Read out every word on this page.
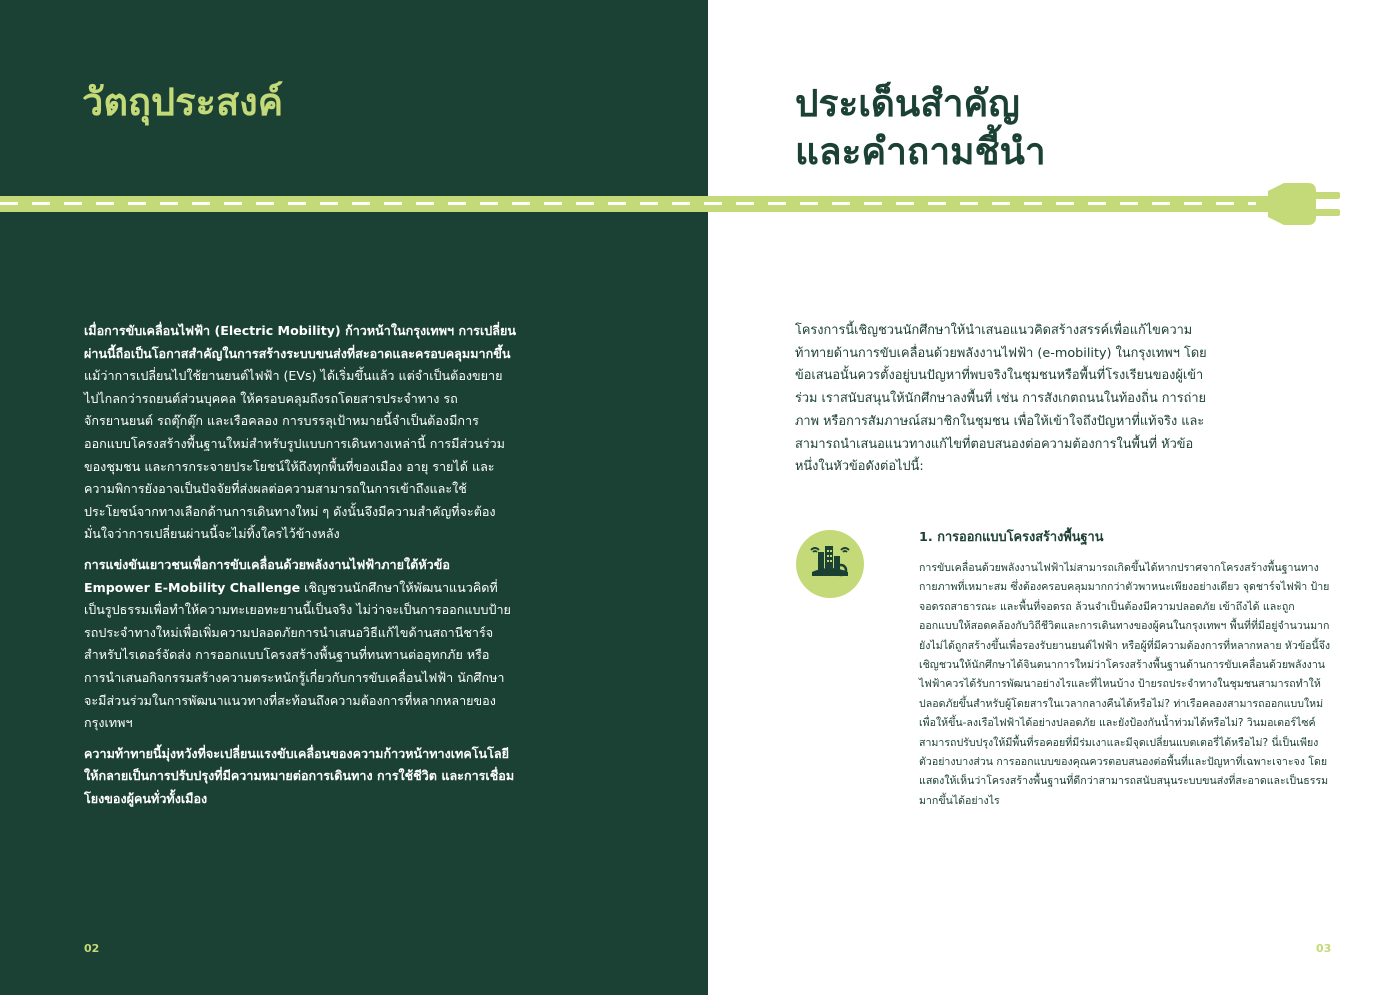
วัตถุประสงค์

เมื่อการขับเคลื่อนไฟฟ้า (Electric Mobility) ก้าวหน้าในกรุงเทพฯ การเปลี่ยนผ่านนี้ถือเป็นโอกาสสำคัญในการสร้างระบบขนส่งที่สะอาดและครอบคลุมมากขึ้น แม้ว่าการเปลี่ยนไปใช้ยานยนต์ไฟฟ้า (EVs) ได้เริ่มขึ้นแล้ว แต่จำเป็นต้องขยายไปไกลกว่ารถยนต์ส่วนบุคคล ให้ครอบคลุมถึงรถโดยสารประจำทาง รถจักรยานยนต์ รถตุ๊กตุ๊ก และเรือคลอง การบรรลุเป้าหมายนี้จำเป็นต้องมีการออกแบบโครงสร้างพื้นฐานใหม่สำหรับรูปแบบการเดินทางเหล่านี้ การมีส่วนร่วมของชุมชน และการกระจายประโยชน์ให้ถึงทุกพื้นที่ของเมือง อายุ รายได้ และความพิการยังอาจเป็นปัจจัยที่ส่งผลต่อความสามารถในการเข้าถึงและใช้ประโยชน์จากทางเลือกด้านการเดินทางใหม่ ๆ ดังนั้นจึงมีความสำคัญที่จะต้องมั่นใจว่าการเปลี่ยนผ่านนี้จะไม่ทิ้งใครไว้ข้างหลัง

การแข่งขันเยาวชนเพื่อการขับเคลื่อนด้วยพลังงานไฟฟ้าภายใต้หัวข้อ Empower E-Mobility Challenge เชิญชวนนักศึกษาให้พัฒนาแนวคิดที่เป็นรูปธรรมเพื่อทำให้ความทะเยอทะยานนี้เป็นจริง ไม่ว่าจะเป็นการออกแบบป้ายรถประจำทางใหม่เพื่อเพิ่มความปลอดภัยการนำเสนอวิธีแก้ไขด้านสถานีชาร์จสำหรับไรเดอร์จัดส่ง การออกแบบโครงสร้างพื้นฐานที่ทนทานต่ออุทกภัย หรือการนำเสนอกิจกรรมสร้างความตระหนักรู้เกี่ยวกับการขับเคลื่อนไฟฟ้า นักศึกษาจะมีส่วนร่วมในการพัฒนาแนวทางที่สะท้อนถึงความต้องการที่หลากหลายของกรุงเทพฯ

ความท้าทายนี้มุ่งหวังที่จะเปลี่ยนแรงขับเคลื่อนของความก้าวหน้าทางเทคโนโลยีให้กลายเป็นการปรับปรุงที่มีความหมายต่อการเดินทาง การใช้ชีวิต และการเชื่อมโยงของผู้คนทั่วทั้งเมือง

02	03
ประเด็นสำคัญ
และคำถามชี้นำ

โครงการนี้เชิญชวนนักศึกษาให้นำเสนอแนวคิดสร้างสรรค์เพื่อแก้ไขความท้าทายด้านการขับเคลื่อนด้วยพลังงานไฟฟ้า (e-mobility) ในกรุงเทพฯ โดยข้อเสนอนั้นควรตั้งอยู่บนปัญหาที่พบจริงในชุมชนหรือพื้นที่โรงเรียนของผู้เข้าร่วม เราสนับสนุนให้นักศึกษาลงพื้นที่ เช่น การสังเกตถนนในท้องถิ่น การถ่ายภาพ หรือการสัมภาษณ์สมาชิกในชุมชน เพื่อให้เข้าใจถึงปัญหาที่แท้จริง และสามารถนำเสนอแนวทางแก้ไขที่ตอบสนองต่อความต้องการในพื้นที่ หัวข้อหนึ่งในหัวข้อดังต่อไปนี้:

1. การออกแบบโครงสร้างพื้นฐาน

การขับเคลื่อนด้วยพลังงานไฟฟ้าไม่สามารถเกิดขึ้นได้หากปราศจากโครงสร้างพื้นฐานทางกายภาพที่เหมาะสม ซึ่งต้องครอบคลุมมากกว่าตัวพาหนะเพียงอย่างเดียว จุดชาร์จไฟฟ้า ป้ายจอดรถสาธารณะ และพื้นที่จอดรถ ล้วนจำเป็นต้องมีความปลอดภัย เข้าถึงได้ และถูกออกแบบให้สอดคล้องกับวิถีชีวิตและการเดินทางของผู้คนในกรุงเทพฯ พื้นที่ที่มีอยู่จำนวนมากยังไม่ได้ถูกสร้างขึ้นเพื่อรองรับยานยนต์ไฟฟ้า หรือผู้ที่มีความต้องการที่หลากหลาย หัวข้อนี้จึงเชิญชวนให้นักศึกษาได้จินตนาการใหม่ว่าโครงสร้างพื้นฐานด้านการขับเคลื่อนด้วยพลังงานไฟฟ้าควรได้รับการพัฒนาอย่างไรและที่ไหนบ้าง ป้ายรถประจำทางในชุมชนสามารถทำให้ปลอดภัยขึ้นสำหรับผู้โดยสารในเวลากลางคืนได้หรือไม่? ท่าเรือคลองสามารถออกแบบใหม่เพื่อให้ขึ้น-ลงเรือไฟฟ้าได้อย่างปลอดภัย และยังป้องกันน้ำท่วมได้หรือไม่? วินมอเตอร์ไซค์สามารถปรับปรุงให้มีพื้นที่รอคอยที่มีร่มเงาและมีจุดเปลี่ยนแบตเตอรี่ได้หรือไม่? นี่เป็นเพียงตัวอย่างบางส่วน การออกแบบของคุณควรตอบสนองต่อพื้นที่และปัญหาที่เฉพาะเจาะจง โดยแสดงให้เห็นว่าโครงสร้างพื้นฐานที่ดีกว่าสามารถสนับสนุนระบบขนส่งที่สะอาดและเป็นธรรมมากขึ้นได้อย่างไร
